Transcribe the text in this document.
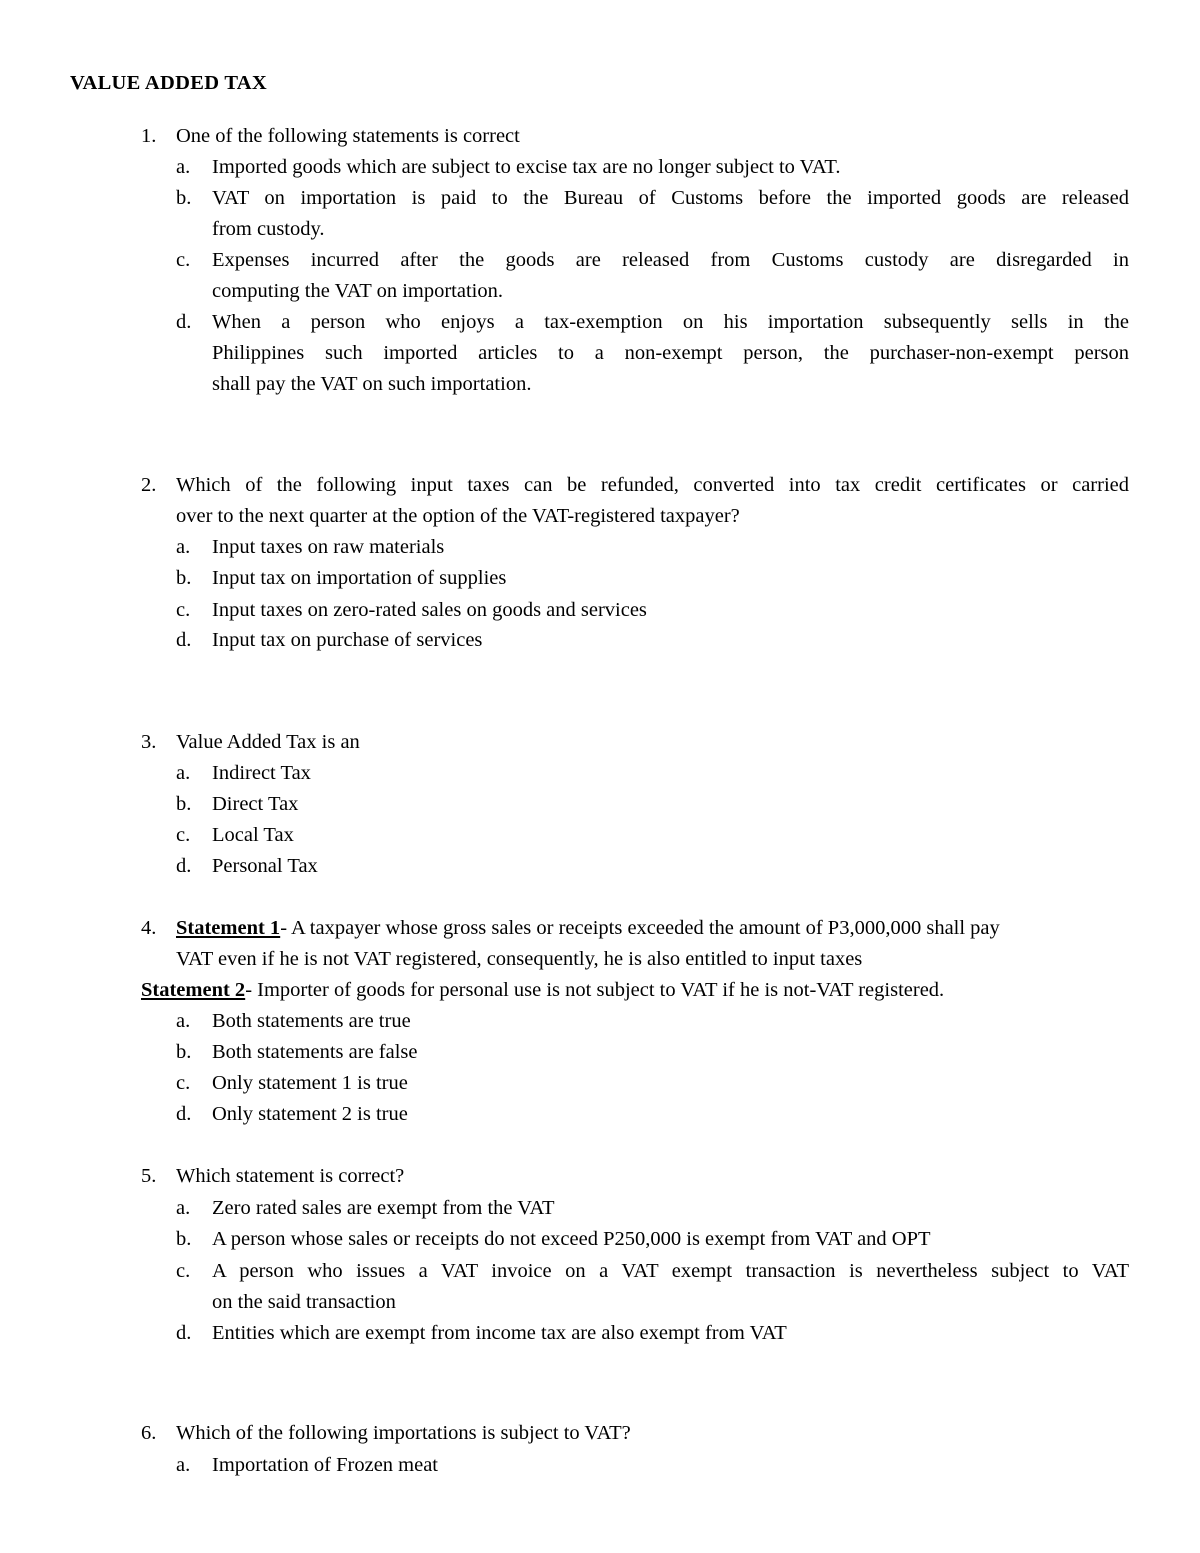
VALUE ADDED TAX
1. One of the following statements is correct
a. Imported goods which are subject to excise tax are no longer subject to VAT.
b. VAT on importation is paid to the Bureau of Customs before the imported goods are released
from custody.
c. Expenses incurred after the goods are released from Customs custody are disregarded in
computing the VAT on importation.
d. When a person who enjoys a tax-exemption on his importation subsequently sells in the
Philippines such imported articles to a non-exempt person, the purchaser-non-exempt person
shall pay the VAT on such importation.
2. Which of the following input taxes can be refunded, converted into tax credit certificates or carried
over to the next quarter at the option of the VAT-registered taxpayer?
a. Input taxes on raw materials
b. Input tax on importation of supplies
c. Input taxes on zero-rated sales on goods and services
d. Input tax on purchase of services
3. Value Added Tax is an
a. Indirect Tax
b. Direct Tax
c. Local Tax
d. Personal Tax
4. Statement 1- A taxpayer whose gross sales or receipts exceeded the amount of P3,000,000 shall pay
VAT even if he is not VAT registered, consequently, he is also entitled to input taxes
Statement 2- Importer of goods for personal use is not subject to VAT if he is not-VAT registered.
a. Both statements are true
b. Both statements are false
c. Only statement 1 is true
d. Only statement 2 is true
5. Which statement is correct?
a. Zero rated sales are exempt from the VAT
b. A person whose sales or receipts do not exceed P250,000 is exempt from VAT and OPT
c. A person who issues a VAT invoice on a VAT exempt transaction is nevertheless subject to VAT
on the said transaction
d. Entities which are exempt from income tax are also exempt from VAT
6. Which of the following importations is subject to VAT?
a. Importation of Frozen meat
